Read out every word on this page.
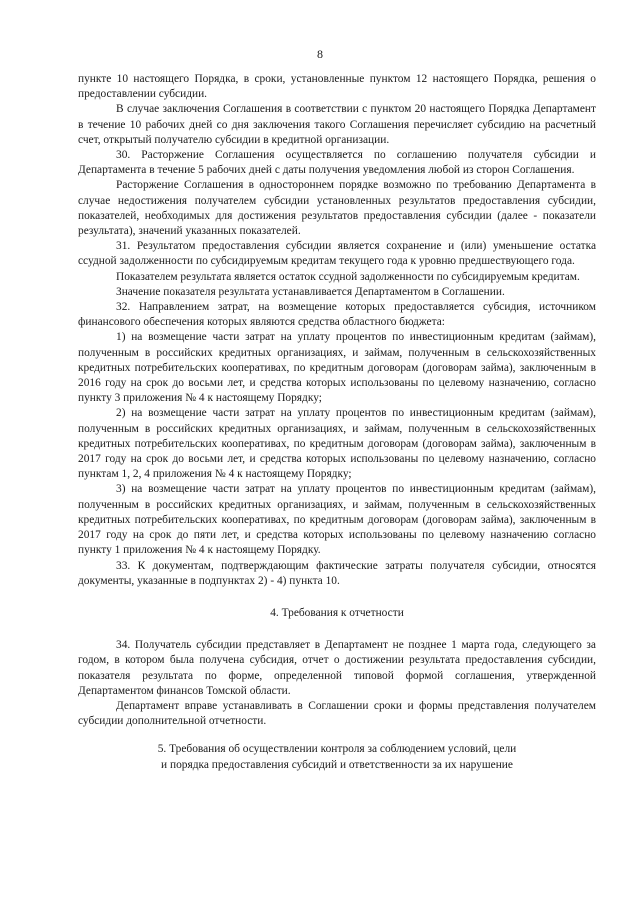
8

пункте 10 настоящего Порядка, в сроки, установленные пунктом 12 настоящего Порядка, решения о предоставлении субсидии.

В случае заключения Соглашения в соответствии с пунктом 20 настоящего Порядка Департамент в течение 10 рабочих дней со дня заключения такого Соглашения перечисляет субсидию на расчетный счет, открытый получателю субсидии в кредитной организации.

30. Расторжение Соглашения осуществляется по соглашению получателя субсидии и Департамента в течение 5 рабочих дней с даты получения уведомления любой из сторон Соглашения.

Расторжение Соглашения в одностороннем порядке возможно по требованию Департамента в случае недостижения получателем субсидии установленных результатов предоставления субсидии, показателей, необходимых для достижения результатов предоставления субсидии (далее - показатели результата), значений указанных показателей.

31. Результатом предоставления субсидии является сохранение и (или) уменьшение остатка ссудной задолженности по субсидируемым кредитам текущего года к уровню предшествующего года.

Показателем результата является остаток ссудной задолженности по субсидируемым кредитам.

Значение показателя результата устанавливается Департаментом в Соглашении.

32. Направлением затрат, на возмещение которых предоставляется субсидия, источником финансового обеспечения которых являются средства областного бюджета:

1) на возмещение части затрат на уплату процентов по инвестиционным кредитам (займам), полученным в российских кредитных организациях, и займам, полученным в сельскохозяйственных кредитных потребительских кооперативах, по кредитным договорам (договорам займа), заключенным в 2016 году на срок до восьми лет, и средства которых использованы по целевому назначению, согласно пункту 3 приложения № 4 к настоящему Порядку;

2) на возмещение части затрат на уплату процентов по инвестиционным кредитам (займам), полученным в российских кредитных организациях, и займам, полученным в сельскохозяйственных кредитных потребительских кооперативах, по кредитным договорам (договорам займа), заключенным в 2017 году на срок до восьми лет, и средства которых использованы по целевому назначению, согласно пунктам 1, 2, 4 приложения № 4 к настоящему Порядку;

3) на возмещение части затрат на уплату процентов по инвестиционным кредитам (займам), полученным в российских кредитных организациях, и займам, полученным в сельскохозяйственных кредитных потребительских кооперативах, по кредитным договорам (договорам займа), заключенным в 2017 году на срок до пяти лет, и средства которых использованы по целевому назначению согласно пункту 1 приложения № 4 к настоящему Порядку.

33. К документам, подтверждающим фактические затраты получателя субсидии, относятся документы, указанные в подпунктах 2) - 4) пункта 10.

4. Требования к отчетности

34. Получатель субсидии представляет в Департамент не позднее 1 марта года, следующего за годом, в котором была получена субсидия, отчет о достижении результата предоставления субсидии, показателя результата по форме, определенной типовой формой соглашения, утвержденной Департаментом финансов Томской области.

Департамент вправе устанавливать в Соглашении сроки и формы представления получателем субсидии дополнительной отчетности.

5. Требования об осуществлении контроля за соблюдением условий, цели
и порядка предоставления субсидий и ответственности за их нарушение
